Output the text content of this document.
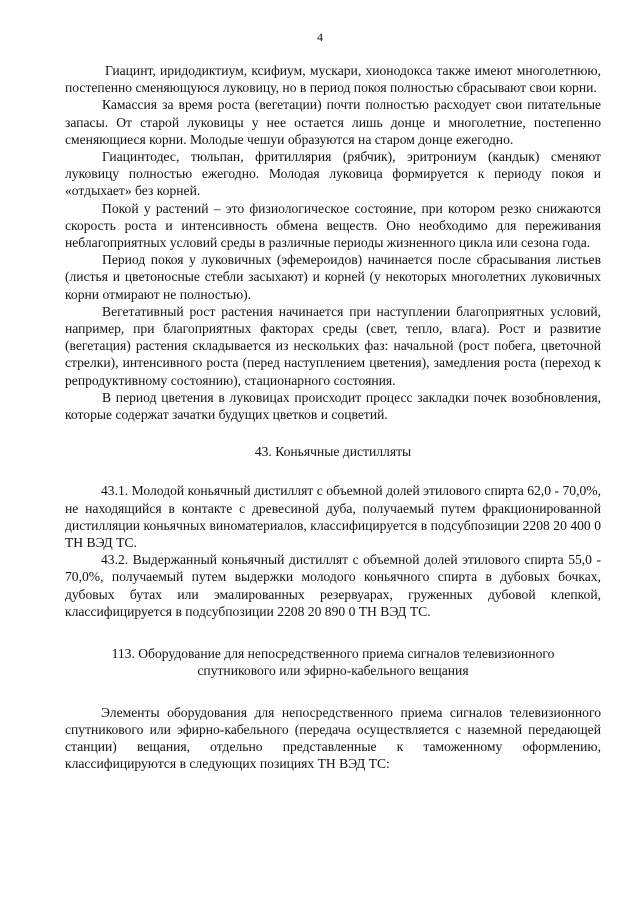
4

Гиацинт, иридодиктиум, ксифиум, мускари, хионодокса также имеют многолетнюю, постепенно сменяющуюся луковицу, но в период покоя полностью сбрасывают свои корни.

Камассия за время роста (вегетации) почти полностью расходует свои питательные запасы. От старой луковицы у нее остается лишь донце и многолетние, постепенно сменяющиеся корни. Молодые чешуи образуются на старом донце ежегодно.

Гиацинтодес, тюльпан, фритиллярия (рябчик), эритрониум (кандык) сменяют луковицу полностью ежегодно. Молодая луковица формируется к периоду покоя и «отдыхает» без корней.

Покой у растений – это физиологическое состояние, при котором резко снижаются скорость роста и интенсивность обмена веществ. Оно необходимо для переживания неблагоприятных условий среды в различные периоды жизненного цикла или сезона года.

Период покоя у луковичных (эфемероидов) начинается после сбрасывания листьев (листья и цветоносные стебли засыхают) и корней (у некоторых многолетних луковичных корни отмирают не полностью).

Вегетативный рост растения начинается при наступлении благоприятных условий, например, при благоприятных факторах среды (свет, тепло, влага). Рост и развитие (вегетация) растения складывается из нескольких фаз: начальной (рост побега, цветочной стрелки), интенсивного роста (перед наступлением цветения), замедления роста (переход к репродуктивному состоянию), стационарного состояния.

В период цветения в луковицах происходит процесс закладки почек возобновления, которые содержат зачатки будущих цветков и соцветий.

43. Коньячные дистилляты

43.1. Молодой коньячный дистиллят с объемной долей этилового спирта 62,0 - 70,0%, не находящийся в контакте с древесиной дуба, получаемый путем фракционированной дистилляции коньячных виноматериалов, классифицируется в подсубпозиции 2208 20 400 0 ТН ВЭД ТС.

43.2. Выдержанный коньячный дистиллят с объемной долей этилового спирта 55,0 - 70,0%, получаемый путем выдержки молодого коньячного спирта в дубовых бочках, дубовых бутах или эмалированных резервуарах, груженных дубовой клепкой, классифицируется в подсубпозиции 2208 20 890 0 ТН ВЭД ТС.

113. Оборудование для непосредственного приема сигналов телевизионного
спутникового или эфирно-кабельного вещания

Элементы оборудования для непосредственного приема сигналов телевизионного спутникового или эфирно-кабельного (передача осуществляется с наземной передающей станции) вещания, отдельно представленные к таможенному оформлению, классифицируются в следующих позициях ТН ВЭД ТС:
